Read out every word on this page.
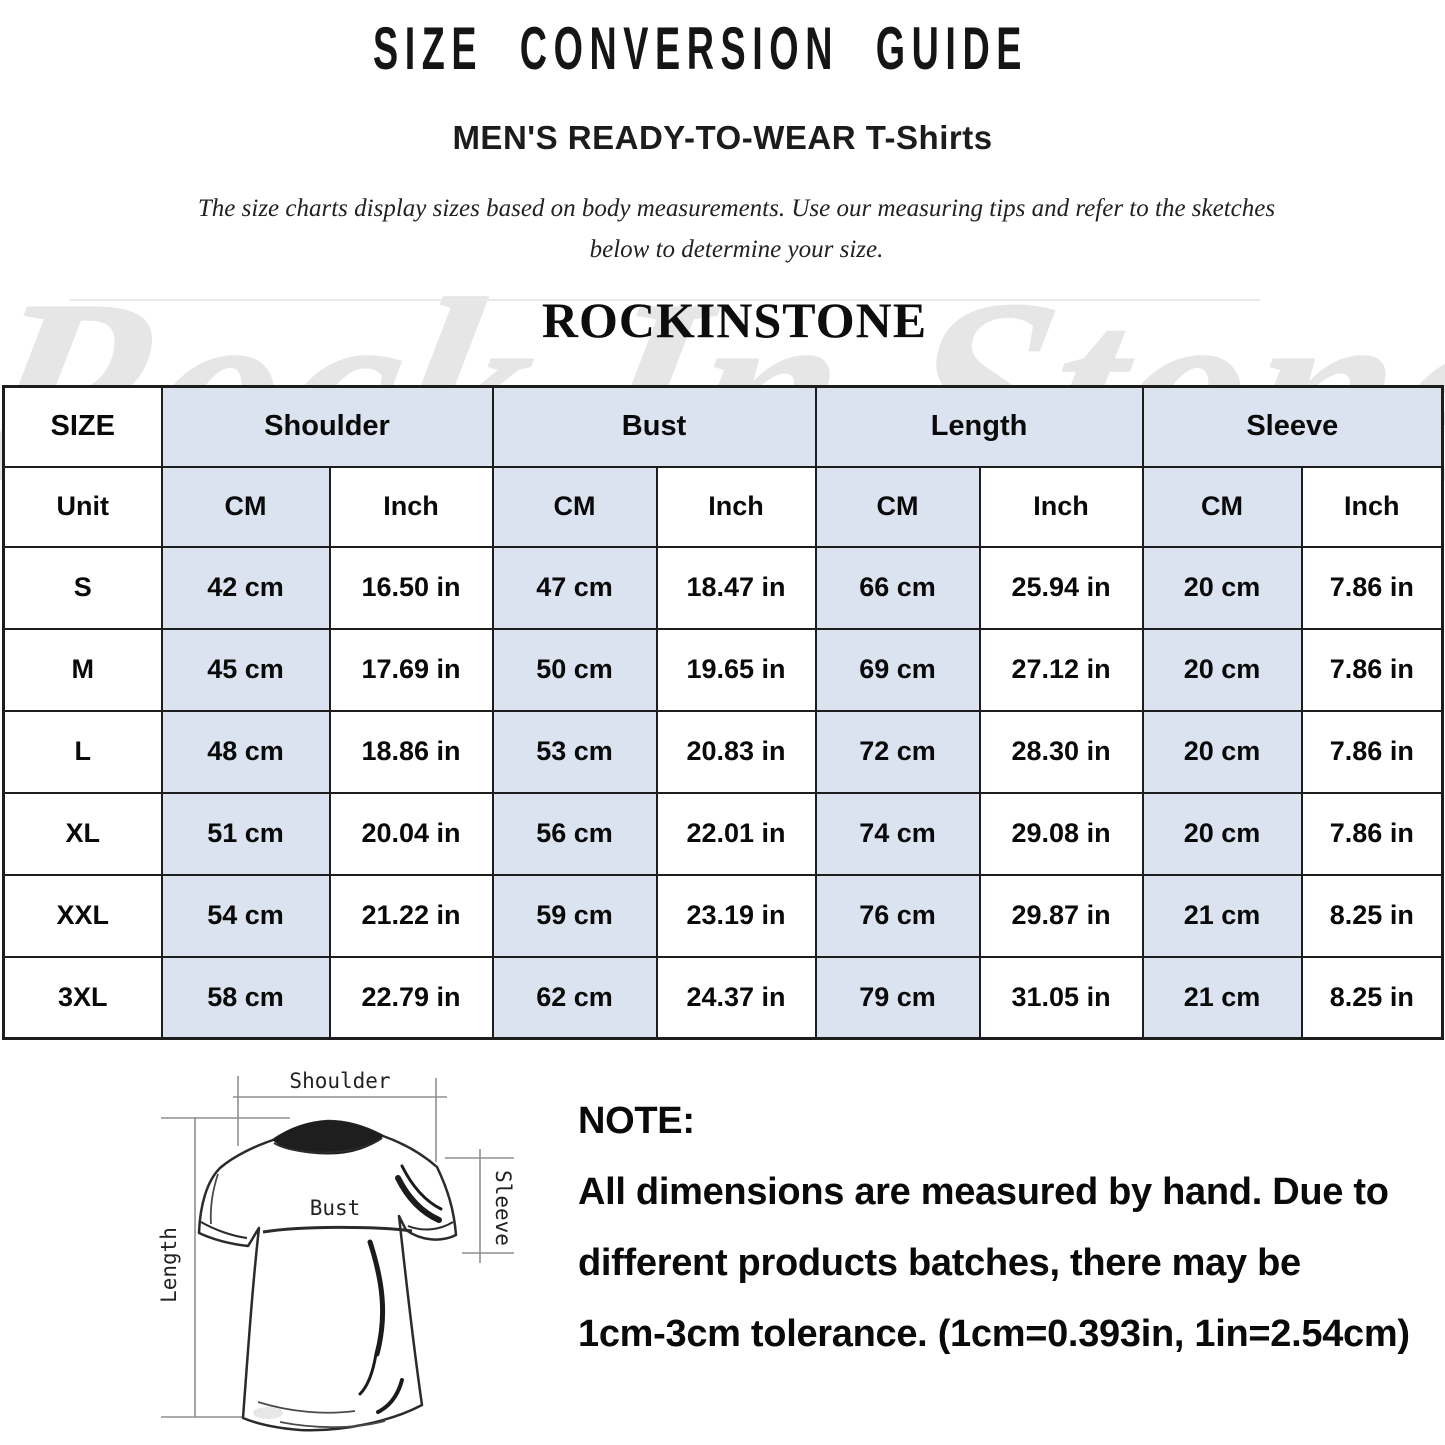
SIZE CONVERSION GUIDE
MEN'S READY-TO-WEAR T-Shirts
The size charts display sizes based on body measurements. Use our measuring tips and refer to the sketches
below to determine your size.
ROCKINSTONE
SIZE	Shoulder		Bust		Length		Sleeve	
Unit	CM	Inch	CM	Inch	CM	Inch	CM	Inch
S	42 cm	16.50 in	47 cm	18.47 in	66 cm	25.94 in	20 cm	7.86 in
M	45 cm	17.69 in	50 cm	19.65 in	69 cm	27.12 in	20 cm	7.86 in
L	48 cm	18.86 in	53 cm	20.83 in	72 cm	28.30 in	20 cm	7.86 in
XL	51 cm	20.04 in	56 cm	22.01 in	74 cm	29.08 in	20 cm	7.86 in
XXL	54 cm	21.22 in	59 cm	23.19 in	76 cm	29.87 in	21 cm	8.25 in
3XL	58 cm	22.79 in	62 cm	24.37 in	79 cm	31.05 in	21 cm	8.25 in
Shoulder
Bust
Length
Sleeve
NOTE:
All dimensions are measured by hand. Due to
different products batches, there may be
1cm-3cm tolerance. (1cm=0.393in, 1in=2.54cm)
